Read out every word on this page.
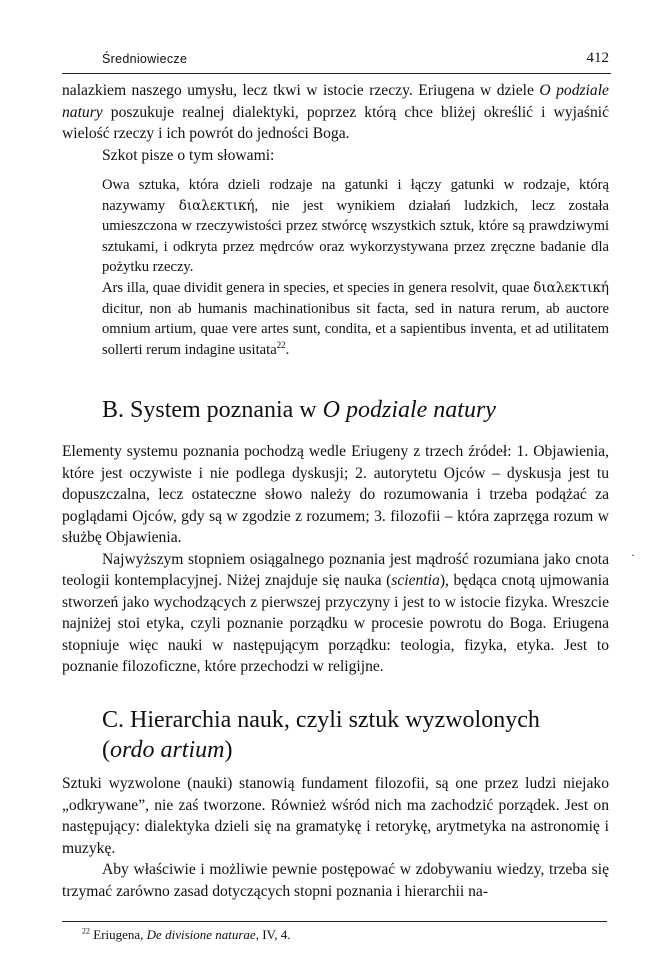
Średniowiecze	412

nalazkiem naszego umysłu, lecz tkwi w istocie rzeczy. Eriugena w dziele O podziale natury poszukuje realnej dialektyki, poprzez którą chce bliżej określić i wyjaśnić wielość rzeczy i ich powrót do jedności Boga.

Szkot pisze o tym słowami:

Owa sztuka, która dzieli rodzaje na gatunki i łączy gatunki w rodzaje, którą nazywamy διαλεκτική, nie jest wynikiem działań ludzkich, lecz została umieszczona w rzeczywistości przez stwórcę wszystkich sztuk, które są prawdziwymi sztukami, i odkryta przez mędrców oraz wykorzystywana przez zręczne badanie dla pożytku rzeczy.

Ars illa, quae dividit genera in species, et species in genera resolvit, quae διαλεκτική dicitur, non ab humanis machinationibus sit facta, sed in natura rerum, ab auctore omnium artium, quae vere artes sunt, condita, et a sapientibus inventa, et ad utilitatem sollerti rerum indagine usitata$^{22}$.

B. System poznania w O podziale natury

Elementy systemu poznania pochodzą wedle Eriugeny z trzech źródeł: 1. Objawienia, które jest oczywiste i nie podlega dyskusji; 2. autorytetu Ojców – dyskusja jest tu dopuszczalna, lecz ostateczne słowo należy do rozumowania i trzeba podążać za poglądami Ojców, gdy są w zgodzie z rozumem; 3. filozofii – która zaprzęga rozum w służbę Objawienia.

Najwyższym stopniem osiągalnego poznania jest mądrość rozumiana jako cnota teologii kontemplacyjnej. Niżej znajduje się nauka (scientia), będąca cnotą ujmowania stworzeń jako wychodzących z pierwszej przyczyny i jest to w istocie fizyka. Wreszcie najniżej stoi etyka, czyli poznanie porządku w procesie powrotu do Boga. Eriugena stopniuje więc nauki w następującym porządku: teologia, fizyka, etyka. Jest to poznanie filozoficzne, które przechodzi w religijne.

·
C. Hierarchia nauk, czyli sztuk wyzwolonych
(ordo artium)

Sztuki wyzwolone (nauki) stanowią fundament filozofii, są one przez ludzi niejako „odkrywane”, nie zaś tworzone. Również wśród nich ma zachodzić porządek. Jest on następujący: dialektyka dzieli się na gramatykę i retorykę, arytmetyka na astronomię i muzykę.

Aby właściwie i możliwie pewnie postępować w zdobywaniu wiedzy, trzeba się trzymać zarówno zasad dotyczących stopni poznania i hierarchii na-

$^{22}$ Eriugena, De divisione naturae, IV, 4.
